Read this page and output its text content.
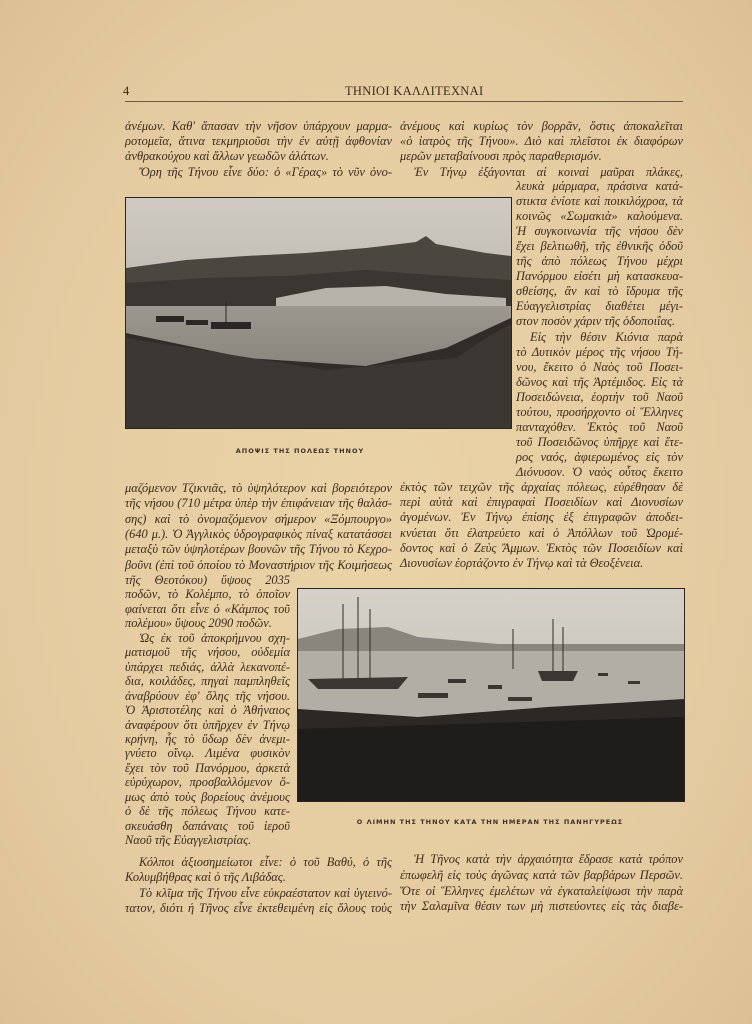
4	ΤΗΝΙΟΙ ΚΑΛΛΙΤΕΧΝΑΙ
ἀνέμων. Καθ' ἅπασαν τὴν νῆσον ὑπάρχουν μαρμα-
ροτομεῖα, ἅτινα τεκμηριοῦσι τὴν ἐν αὐτῇ ἀφθονίαν
ἀνθρακούχου καὶ ἄλλων γεωδῶν ἁλάτων.
Ὄρη τῆς Τήνου εἶνε δύο: ὁ «Γέρας» τὸ νῦν ὀνο-
ἀνέμους καὶ κυρίως τὸν βορρᾶν, ὅστις ἀποκαλεῖται
«ὁ ἰατρὸς τῆς Τήνου». Διὸ καὶ πλεῖστοι ἐκ διαφόρων
μερῶν μεταβαίνουσι πρὸς παραθερισμόν.
Ἐν Τήνῳ ἐξάγονται αἱ κοιναὶ μαῦραι πλάκες,
λευκὰ μάρμαρα, πράσινα κατά-
στικτα ἐνίοτε καὶ ποικιλόχροα, τὰ
κοινῶς «Σωμακιὰ» καλούμενα.
Ἡ συγκοινωνία τῆς νήσου δὲν
ἔχει βελτιωθῆ, τῆς ἐθνικῆς ὁδοῦ
τῆς ἀπὸ πόλεως Τήνου μέχρι
Πανόρμου εἰσέτι μὴ κατασκευα-
σθείσης, ἂν καὶ τὸ ἵδρυμα τῆς
Εὐαγγελιστρίας διαθέτει μέγι-
στον ποσὸν χάριν τῆς ὁδοποιΐας.
Εἰς τὴν θέσιν Κιόνια παρὰ
τὸ Δυτικὸν μέρος τῆς νήσου Τή-
νου, ἔκειτο ὁ Ναὸς τοῦ Ποσει-
δῶνος καὶ τῆς Ἀρτέμιδος. Εἰς τὰ
Ποσειδώνεια, ἑορτὴν τοῦ Ναοῦ
τούτου, προσήρχοντο οἱ Ἕλληνες
πανταχόθεν. Ἐκτὸς τοῦ Ναοῦ
τοῦ Ποσειδῶνος ὑπῆρχε καὶ ἕτε-
ρος ναός, ἀφιερωμένος εἰς τὸν
Διόνυσον. Ὁ ναὸς οὗτος ἔκειτο
ἐκτὸς τῶν τειχῶν τῆς ἀρχαίας πόλεως, εὑρέθησαν δὲ
περὶ αὐτὰ καὶ ἐπιγραφαὶ Ποσειδίων καὶ Διονυσίων
ἀγομένων. Ἐν Τήνῳ ἐπίσης ἐξ ἐπιγραφῶν ἀποδει-
κνύεται ὅτι ἐλατρεύετο καὶ ὁ Ἀπόλλων τοῦ Ὠρομέ-
δοντος καὶ ὁ Ζεὺς Ἄμμων. Ἐκτὸς τῶν Ποσειδίων καὶ
Διονυσίων ἑορτάζοντο ἐν Τήνῳ καὶ τὰ Θεοξένεια.
μαζόμενον Τζικνιᾶς, τὸ ὑψηλότερον καὶ βορειότερον
τῆς νήσου (710 μέτρα ὑπὲρ τὴν ἐπιφάνειαν τῆς θαλάσ-
σης) καὶ τὸ ὀνομαζόμενον σήμερον «Ξόμπουργο»
(640 μ.). Ὁ Ἀγγλικὸς ὑδρογραφικὸς πίναξ κατατάσσει
μεταξὺ τῶν ὑψηλοτέρων βουνῶν τῆς Τήνου τὸ Κεχρο-
βοῦνι (ἐπὶ τοῦ ὁποίου τὸ Μοναστήριον τῆς Κοιμήσεως
τῆς Θεοτόκου) ὕψους 2035
ποδῶν, τὸ Κολέμπο, τὸ ὁποῖον
φαίνεται ὅτι εἶνε ὁ «Κάμπος τοῦ
πολέμου» ὕψους 2090 ποδῶν.
Ὡς ἐκ τοῦ ἀποκρήμνου σχη-
ματισμοῦ τῆς νήσου, οὐδεμία
ὑπάρχει πεδιάς, ἀλλὰ λεκανοπέ-
δια, κοιλάδες, πηγαὶ παμπληθεῖς
ἀναβρύουν ἐφ' ὅλης τῆς νήσου.
Ὁ Ἀριστοτέλης καὶ ὁ Ἀθήναιος
ἀναφέρουν ὅτι ὑπῆρχεν ἐν Τήνῳ
κρήνη, ἧς τὸ ὕδωρ δὲν ἀνεμι-
γνύετο οἴνῳ. Λιμένα φυσικὸν
ἔχει τὸν τοῦ Πανόρμου, ἀρκετὰ
εὐρύχωρον, προσβαλλόμενον ὅ-
μως ἀπὸ τοὺς βορείους ἀνέμους
ὁ δὲ τῆς πόλεως Τήνου κατε-
σκευάσθη δαπάναις τοῦ ἱεροῦ
Ναοῦ τῆς Εὐαγγελιστρίας.
Κόλποι ἀξιοσημείωτοι εἶνε: ὁ τοῦ Βαθύ, ὁ τῆς
Κολυμβήθρας καὶ ὁ τῆς Λιβάδας.
Τὸ κλῖμα τῆς Τήνου εἶνε εὐκραέστατον καὶ ὑγιεινό-
τατον, διότι ἡ Τῆνος εἶνε ἐκτεθειμένη εἰς ὅλους τοὺς
Ἡ Τῆνος κατὰ τὴν ἀρχαιότητα ἔδρασε κατὰ τρόπον
ἐπωφελῆ εἰς τοὺς ἀγῶνας κατὰ τῶν βαρβάρων Περσῶν.
Ὅτε οἱ Ἕλληνες ἐμελέτων νὰ ἐγκαταλείψωσι τὴν παρὰ
τὴν Σαλαμῖνα θέσιν των μὴ πιστεύοντες εἰς τὰς διαβε-
ΑΠΟΨΙΣ ΤΗΣ ΠΟΛΕΩΣ ΤΗΝΟΥ
Ο ΛΙΜΗΝ ΤΗΣ ΤΗΝΟΥ ΚΑΤΑ ΤΗΝ ΗΜΕΡΑΝ ΤΗΣ ΠΑΝΗΓΥΡΕΩΣ
